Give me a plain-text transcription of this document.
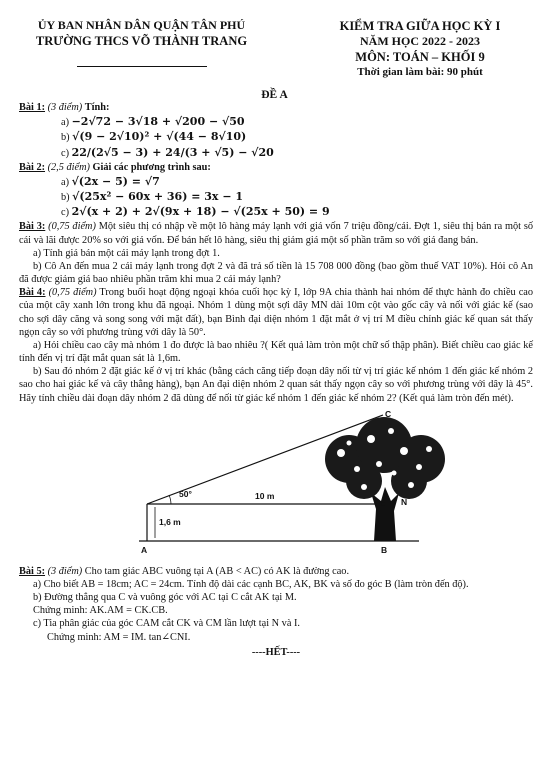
ỦY BAN NHÂN DÂN QUẬN TÂN PHÚ
TRƯỜNG THCS VÕ THÀNH TRANG
KIỂM TRA GIỮA HỌC KỲ I
NĂM HỌC 2022 - 2023
MÔN: TOÁN – KHỐI 9
Thời gian làm bài: 90 phút
ĐỀ A
Bài 1: (3 điểm) Tính:
a) −2√72 − 3√18 + √200 − √50
b) √(9 − 2√10)² + √(44 − 8√10)
c) 22/(2√5 − 3) + 24/(3 + √5) − √20
Bài 2: (2,5 điểm) Giải các phương trình sau:
a) √(2x − 5) = √7
b) √(25x² − 60x + 36) = 3x − 1
c) 2√(x + 2) + 2√(9x + 18) − √(25x + 50) = 9

Bài 3: (0,75 điểm) Một siêu thị có nhập về một lô hàng máy lạnh với giá vốn 7 triệu đồng/cái. Đợt 1, siêu thị bán ra một số cái và lãi được 20% so với giá vốn. Để bán hết lô hàng, siêu thị giảm giá một số phần trăm so với giá đang bán.

a) Tính giá bán một cái máy lạnh trong đợt 1.

b) Cô An đến mua 2 cái máy lạnh trong đợt 2 và đã trả số tiền là 15 708 000 đồng (bao gồm thuế VAT 10%). Hỏi cô An đã được giảm giá bao nhiêu phần trăm khi mua 2 cái máy lạnh?

Bài 4: (0,75 điểm) Trong buổi hoạt động ngoại khóa cuối học kỳ I, lớp 9A chia thành hai nhóm để thực hành đo chiều cao của một cây xanh lớn trong khu đã ngoại. Nhóm 1 dùng một sợi dây MN dài 10m cột vào gốc cây và nối với giác kế (sao cho sợi dây căng và song song với mặt đất), bạn Bình đại diện nhóm 1 đặt mắt ở vị trí M điều chỉnh giác kế quan sát thấy ngọn cây so với phương trùng với dây là 50°.

a) Hỏi chiều cao cây mà nhóm 1 đo được là bao nhiêu ?( Kết quả làm tròn một chữ số thập phân). Biết chiều cao giác kế tính đến vị trí đặt mắt quan sát là 1,6m.

b) Sau đó nhóm 2 đặt giác kế ở vị trí khác (bằng cách căng tiếp đoạn dây nối từ vị trí giác kế nhóm 1 đến giác kế nhóm 2 sao cho hai giác kế và cây thẳng hàng), bạn An đại diện nhóm 2 quan sát thấy ngọn cây so với phương trùng với dây là 45°. Hãy tính chiều dài đoạn dây nhóm 2 đã dùng để nối từ giác kế nhóm 1 đến giác kế nhóm 2? (Kết quả làm tròn đến mét).

C
N
A	B
50°	10 m
1,6 m

Bài 5: (3 điểm) Cho tam giác ABC vuông tại A (AB < AC) có AK là đường cao.

a) Cho biết AB = 18cm; AC = 24cm. Tính độ dài các cạnh BC, AK, BK và số đo góc B (làm tròn đến độ).

b) Đường thẳng qua C và vuông góc với AC tại C cắt AK tại M.

Chứng minh: AK.AM = CK.CB.

c) Tia phân giác của góc CAM cắt CK và CM lần lượt tại N và I.

Chứng minh: AM = IM. tan∠CNI.

----HẾT----
